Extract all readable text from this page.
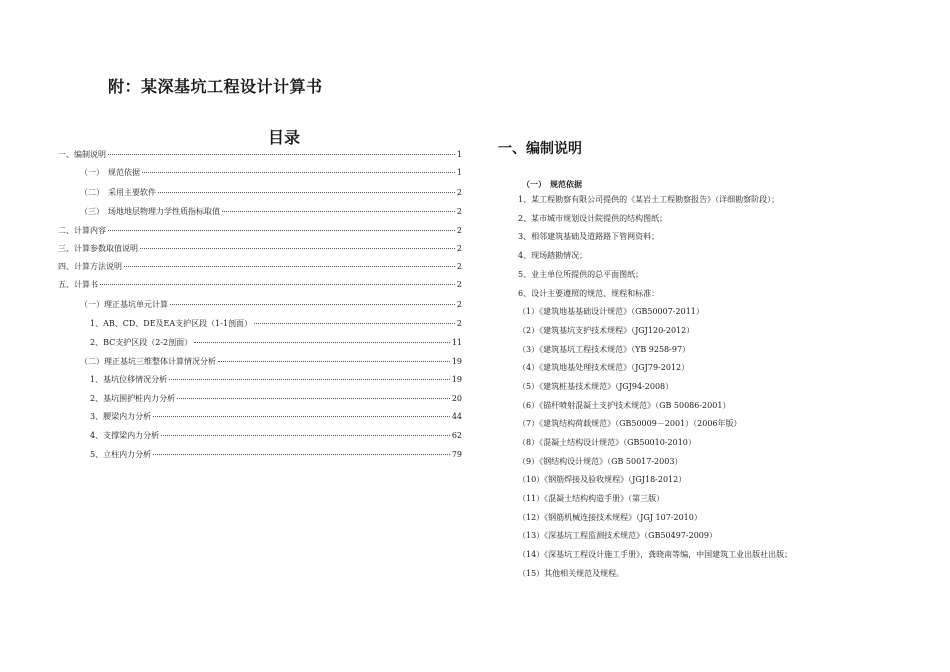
附：某深基坑工程设计计算书
目录
一、编制说明	1
（一）　规范依据	1
（二）　采用主要软件	2
（三）　场地地层物理力学性质指标取值	2
二、计算内容	2
三、计算参数取值说明	2
四、计算方法说明	2
五、计算书	2
（一）理正基坑单元计算	2
1、AB、CD、DE及EA支护区段（1-1剖面）	2
2、BC支护区段（2-2剖面）	11
（二）理正基坑三维整体计算情况分析	19
1、基坑位移情况分析	19
2、基坑围护桩内力分析	20
3、腰梁内力分析	44
4、支撑梁内力分析	62
5、立柱内力分析	79
一、编制说明
（一）　规范依据
1、某工程勘察有限公司提供的《某岩土工程勘察报告》（详细勘察阶段）；
2、某市城市规划设计院提供的结构图纸；
3、相邻建筑基础及道路路下管网资料；
4、现场踏勘情况；
5、业主单位所提供的总平面图纸；
6、设计主要遵照的规范、规程和标准：
（1）《建筑地基基础设计规范》（GB50007-2011）
（2）《建筑基坑支护技术规程》（JGJ120-2012）
（3）《建筑基坑工程技术规范》（YB 9258-97）
（4）《建筑地基处理技术规范》（JGJ79-2012）
（5）《建筑桩基技术规范》（JGJ94-2008）
（6）《锚杆喷射混凝土支护技术规范》（GB 50086-2001）
（7）《建筑结构荷载规范》（GB50009－2001）（2006年版）
（8）《混凝土结构设计规范》（GB50010-2010）
（9）《钢结构设计规范》（GB 50017-2003）
（10）《钢筋焊接及验收规程》（JGJ18-2012）
（11）《混凝土结构构造手册》（第三版）
（12）《钢筋机械连接技术规程》（JGJ 107-2010）
（13）《深基坑工程监测技术规范》（GB50497-2009）
（14）《深基坑工程设计施工手册》，龚晓南等编，中国建筑工业出版社出版；
（15）其他相关规范及规程。
